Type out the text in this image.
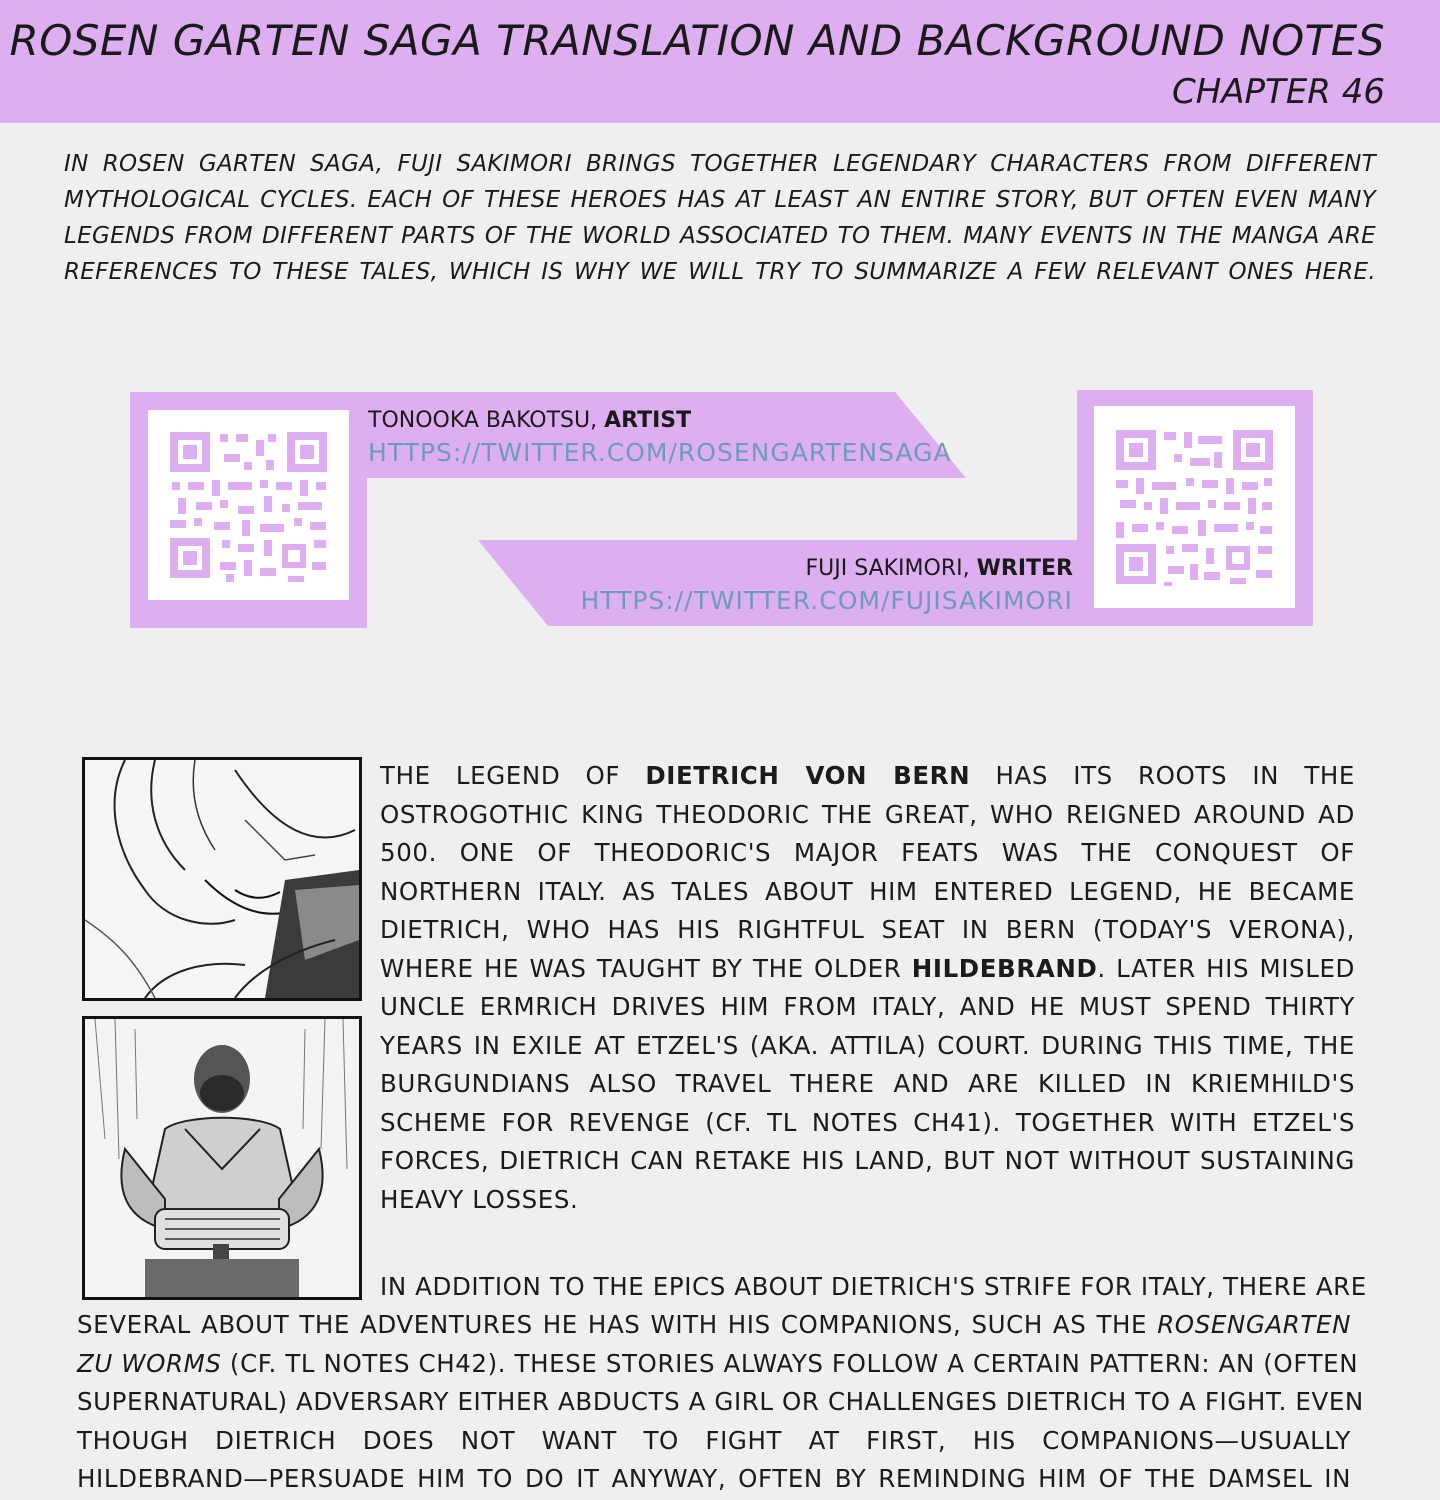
ROSEN GARTEN SAGA TRANSLATION AND BACKGROUND NOTES
CHAPTER 46
IN ROSEN GARTEN SAGA, FUJI SAKIMORI BRINGS TOGETHER LEGENDARY CHARACTERS FROM DIFFERENT
MYTHOLOGICAL CYCLES. EACH OF THESE HEROES HAS AT LEAST AN ENTIRE STORY, BUT OFTEN EVEN MANY
LEGENDS FROM DIFFERENT PARTS OF THE WORLD ASSOCIATED TO THEM. MANY EVENTS IN THE MANGA ARE
REFERENCES TO THESE TALES, WHICH IS WHY WE WILL TRY TO SUMMARIZE A FEW RELEVANT ONES HERE.
TONOOKA BAKOTSU, ARTIST
HTTPS://TWITTER.COM/ROSENGARTENSAGA
FUJI SAKIMORI, WRITER
HTTPS://TWITTER.COM/FUJISAKIMORI
THE LEGEND OF DIETRICH VON BERN HAS ITS ROOTS IN THE
OSTROGOTHIC KING THEODORIC THE GREAT, WHO REIGNED AROUND AD
500. ONE OF THEODORIC'S MAJOR FEATS WAS THE CONQUEST OF
NORTHERN ITALY. AS TALES ABOUT HIM ENTERED LEGEND, HE BECAME
DIETRICH, WHO HAS HIS RIGHTFUL SEAT IN BERN (TODAY'S VERONA),
WHERE HE WAS TAUGHT BY THE OLDER HILDEBRAND. LATER HIS MISLED
UNCLE ERMRICH DRIVES HIM FROM ITALY, AND HE MUST SPEND THIRTY
YEARS IN EXILE AT ETZEL'S (AKA. ATTILA) COURT. DURING THIS TIME, THE
BURGUNDIANS ALSO TRAVEL THERE AND ARE KILLED IN KRIEMHILD'S
SCHEME FOR REVENGE (CF. TL NOTES CH41). TOGETHER WITH ETZEL'S
FORCES, DIETRICH CAN RETAKE HIS LAND, BUT NOT WITHOUT SUSTAINING
HEAVY LOSSES.
IN ADDITION TO THE EPICS ABOUT DIETRICH'S STRIFE FOR ITALY, THERE ARE
SEVERAL ABOUT THE ADVENTURES HE HAS WITH HIS COMPANIONS, SUCH AS THE ROSENGARTEN
ZU WORMS (CF. TL NOTES CH42). THESE STORIES ALWAYS FOLLOW A CERTAIN PATTERN: AN (OFTEN
SUPERNATURAL) ADVERSARY EITHER ABDUCTS A GIRL OR CHALLENGES DIETRICH TO A FIGHT. EVEN
THOUGH DIETRICH DOES NOT WANT TO FIGHT AT FIRST, HIS COMPANIONS—USUALLY
HILDEBRAND—PERSUADE HIM TO DO IT ANYWAY, OFTEN BY REMINDING HIM OF THE DAMSEL IN
